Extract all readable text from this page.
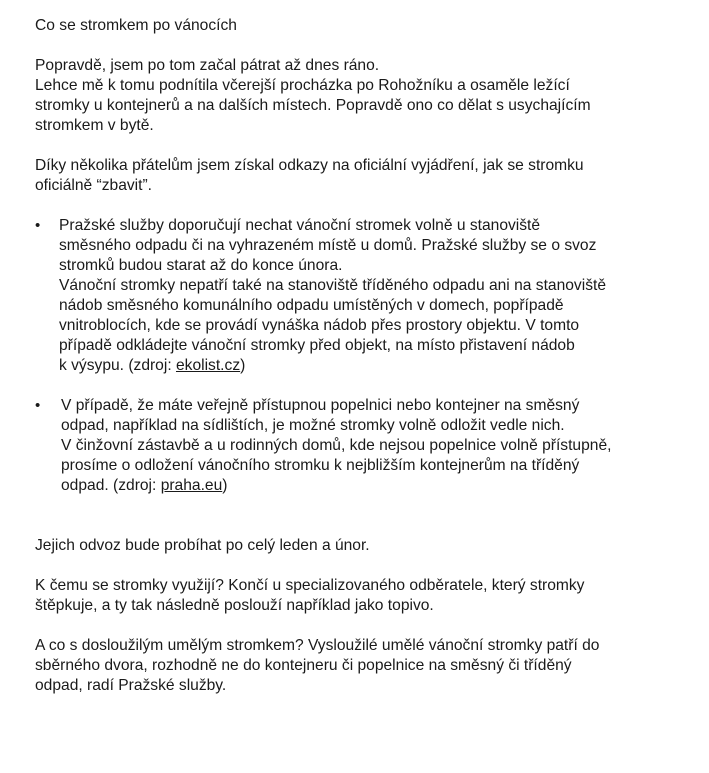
Co se stromkem po vánocích
Popravdě, jsem po tom začal pátrat až dnes ráno.
Lehce mě k tomu podnítila včerejší procházka po Rohožníku a osaměle ležící
stromky u kontejnerů a na dalších místech. Popravdě ono co dělat s usychajícím
stromkem v bytě.
Díky několika přátelům jsem získal odkazy na oficiální vyjádření, jak se stromku
oficiálně “zbavit”.
•	Pražské služby doporučují nechat vánoční stromek volně u stanoviště
směsného odpadu či na vyhrazeném místě u domů. Pražské služby se o svoz
stromků budou starat až do konce února.
Vánoční stromky nepatří také na stanoviště tříděného odpadu ani na stanoviště
nádob směsného komunálního odpadu umístěných v domech, popřípadě
vnitroblocích, kde se provádí vynáška nádob přes prostory objektu. V tomto
případě odkládejte vánoční stromky před objekt, na místo přistavení nádob
k výsypu. (zdroj: ekolist.cz)
•	V případě, že máte veřejně přístupnou popelnici nebo kontejner na směsný
odpad, například na sídlištích, je možné stromky volně odložit vedle nich.
V činžovní zástavbě a u rodinných domů, kde nejsou popelnice volně přístupně,
prosíme o odložení vánočního stromku k nejbližším kontejnerům na tříděný
odpad. (zdroj: praha.eu)
Jejich odvoz bude probíhat po celý leden a únor.
K čemu se stromky využijí? Končí u specializovaného odběratele, který stromky
štěpkuje, a ty tak následně poslouží například jako topivo.
A co s dosloužilým umělým stromkem? Vysloužilé umělé vánoční stromky patří do
sběrného dvora, rozhodně ne do kontejneru či popelnice na směsný či tříděný
odpad, radí Pražské služby.
